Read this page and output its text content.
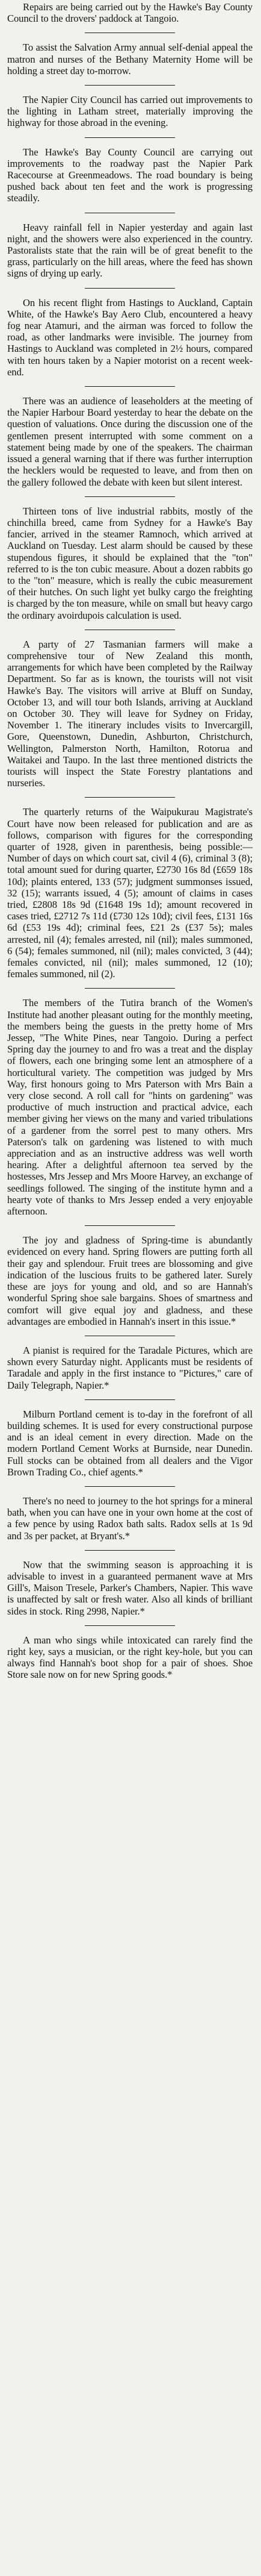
Repairs are being carried out by the Hawke's Bay County Council to the drovers' paddock at Tangoio.

To assist the Salvation Army annual self-denial appeal the matron and nurses of the Bethany Maternity Home will be holding a street day to-morrow.

The Napier City Council has carried out improvements to the lighting in Latham street, materially improving the highway for those abroad in the evening.

The Hawke's Bay County Council are carrying out improvements to the roadway past the Napier Park Racecourse at Greenmeadows. The road boundary is being pushed back about ten feet and the work is progressing steadily.

Heavy rainfall fell in Napier yesterday and again last night, and the showers were also experienced in the country. Pastoralists state that the rain will be of great benefit to the grass, particularly on the hill areas, where the feed has shown signs of drying up early.

On his recent flight from Hastings to Auckland, Captain White, of the Hawke's Bay Aero Club, encountered a heavy fog near Atamuri, and the airman was forced to follow the road, as other landmarks were invisible. The journey from Hastings to Auckland was completed in 2½ hours, compared with ten hours taken by a Napier motorist on a recent week-end.

There was an audience of leaseholders at the meeting of the Napier Harbour Board yesterday to hear the debate on the question of valuations. Once during the discussion one of the gentlemen present interrupted with some comment on a statement being made by one of the speakers. The chairman issued a general warning that if there was further interruption the hecklers would be requested to leave, and from then on the gallery followed the debate with keen but silent interest.

Thirteen tons of live industrial rabbits, mostly of the chinchilla breed, came from Sydney for a Hawke's Bay fancier, arrived in the steamer Ramnoch, which arrived at Auckland on Tuesday. Lest alarm should be caused by these stupendous figures, it should be explained that the "ton" referred to is the ton cubic measure. About a dozen rabbits go to the "ton" measure, which is really the cubic measurement of their hutches. On such light yet bulky cargo the freighting is charged by the ton measure, while on small but heavy cargo the ordinary avoirdupois calculation is used.

A party of 27 Tasmanian farmers will make a comprehensive tour of New Zealand this month, arrangements for which have been completed by the Railway Department. So far as is known, the tourists will not visit Hawke's Bay. The visitors will arrive at Bluff on Sunday, October 13, and will tour both Islands, arriving at Auckland on October 30. They will leave for Sydney on Friday, November 1. The itinerary includes visits to Invercargill, Gore, Queenstown, Dunedin, Ashburton, Christchurch, Wellington, Palmerston North, Hamilton, Rotorua and Waitakei and Taupo. In the last three mentioned districts the tourists will inspect the State Forestry plantations and nurseries.

The quarterly returns of the Waipukurau Magistrate's Court have now been released for publication and are as follows, comparison with figures for the corresponding quarter of 1928, given in parenthesis, being possible:— Number of days on which court sat, civil 4 (6), criminal 3 (8); total amount sued for during quarter, £2730 16s 8d (£659 18s 10d); plaints entered, 133 (57); judgment summonses issued, 32 (15); warrants issued, 4 (5); amount of claims in cases tried, £2808 18s 9d (£1648 19s 1d); amount recovered in cases tried, £2712 7s 11d (£730 12s 10d); civil fees, £131 16s 6d (£53 19s 4d); criminal fees, £21 2s (£37 5s); males arrested, nil (4); females arrested, nil (nil); males summoned, 6 (54); females summoned, nil (nil); males convicted, 3 (44); females convicted, nil (nil); males summoned, 12 (10); females summoned, nil (2).

The members of the Tutira branch of the Women's Institute had another pleasant outing for the monthly meeting, the members being the guests in the pretty home of Mrs Jessep, "The White Pines, near Tangoio. During a perfect Spring day the journey to and fro was a treat and the display of flowers, each one bringing some lent an atmosphere of a horticultural variety. The competition was judged by Mrs Way, first honours going to Mrs Paterson with Mrs Bain a very close second. A roll call for "hints on gardening" was productive of much instruction and practical advice, each member giving her views on the many and varied tribulations of a gardener from the sorrel pest to many others. Mrs Paterson's talk on gardening was listened to with much appreciation and as an instructive address was well worth hearing. After a delightful afternoon tea served by the hostesses, Mrs Jessep and Mrs Moore Harvey, an exchange of seedlings followed. The singing of the institute hymn and a hearty vote of thanks to Mrs Jessep ended a very enjoyable afternoon.

The joy and gladness of Spring-time is abundantly evidenced on every hand. Spring flowers are putting forth all their gay and splendour. Fruit trees are blossoming and give indication of the luscious fruits to be gathered later. Surely these are joys for young and old, and so are Hannah's wonderful Spring shoe sale bargains. Shoes of smartness and comfort will give equal joy and gladness, and these advantages are embodied in Hannah's insert in this issue.*

A pianist is required for the Taradale Pictures, which are shown every Saturday night. Applicants must be residents of Taradale and apply in the first instance to "Pictures," care of Daily Telegraph, Napier.*

Milburn Portland cement is to-day in the forefront of all building schemes. It is used for every constructional purpose and is an ideal cement in every direction. Made on the modern Portland Cement Works at Burnside, near Dunedin. Full stocks can be obtained from all dealers and the Vigor Brown Trading Co., chief agents.*

There's no need to journey to the hot springs for a mineral bath, when you can have one in your own home at the cost of a few pence by using Radox bath salts. Radox sells at 1s 9d and 3s per packet, at Bryant's.*

Now that the swimming season is approaching it is advisable to invest in a guaranteed permanent wave at Mrs Gill's, Maison Tresele, Parker's Chambers, Napier. This wave is unaffected by salt or fresh water. Also all kinds of brilliant sides in stock. Ring 2998, Napier.*

A man who sings while intoxicated can rarely find the right key, says a musician, or the right key-hole, but you can always find Hannah's boot shop for a pair of shoes. Shoe Store sale now on for new Spring goods.*
